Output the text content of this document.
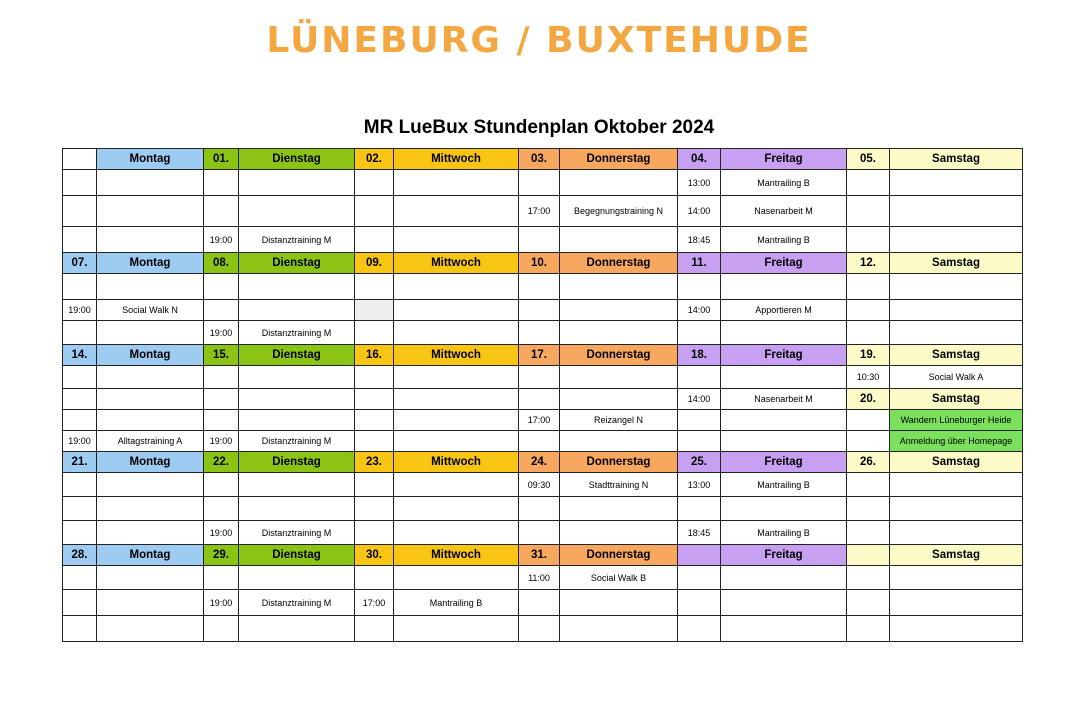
LÜNEBURG / BUXTEHUDE
MR LueBux Stundenplan Oktober 2024
	Montag	01.	Dienstag	02.	Mittwoch	03.	Donnerstag	04.	Freitag	05.	Samstag
								13:00	Mantrailing B		
						17:00	Begegnungstraining N	14:00	Nasenarbeit M		
		19:00	Distanztraining M					18:45	Mantrailing B		
07.	Montag	08.	Dienstag	09.	Mittwoch	10.	Donnerstag	11.	Freitag	12.	Samstag

19:00	Social Walk N							14:00	Apportieren M		
		19:00	Distanztraining M								
14.	Montag	15.	Dienstag	16.	Mittwoch	17.	Donnerstag	18.	Freitag	19.	Samstag
										10:30	Social Walk A
								14:00	Nasenarbeit M	20.	Samstag
						17:00	Reizangel N				Wandern Lüneburger Heide
19:00	Alltagstraining A	19:00	Distanztraining M								Anmeldung über Homepage
21.	Montag	22.	Dienstag	23.	Mittwoch	24.	Donnerstag	25.	Freitag	26.	Samstag
						09:30	Stadttraining N	13:00	Mantrailing B		

		19:00	Distanztraining M					18:45	Mantrailing B		
28.	Montag	29.	Dienstag	30.	Mittwoch	31.	Donnerstag		Freitag		Samstag
						11:00	Social Walk B				
		19:00	Distanztraining M	17:00	Mantrailing B						
